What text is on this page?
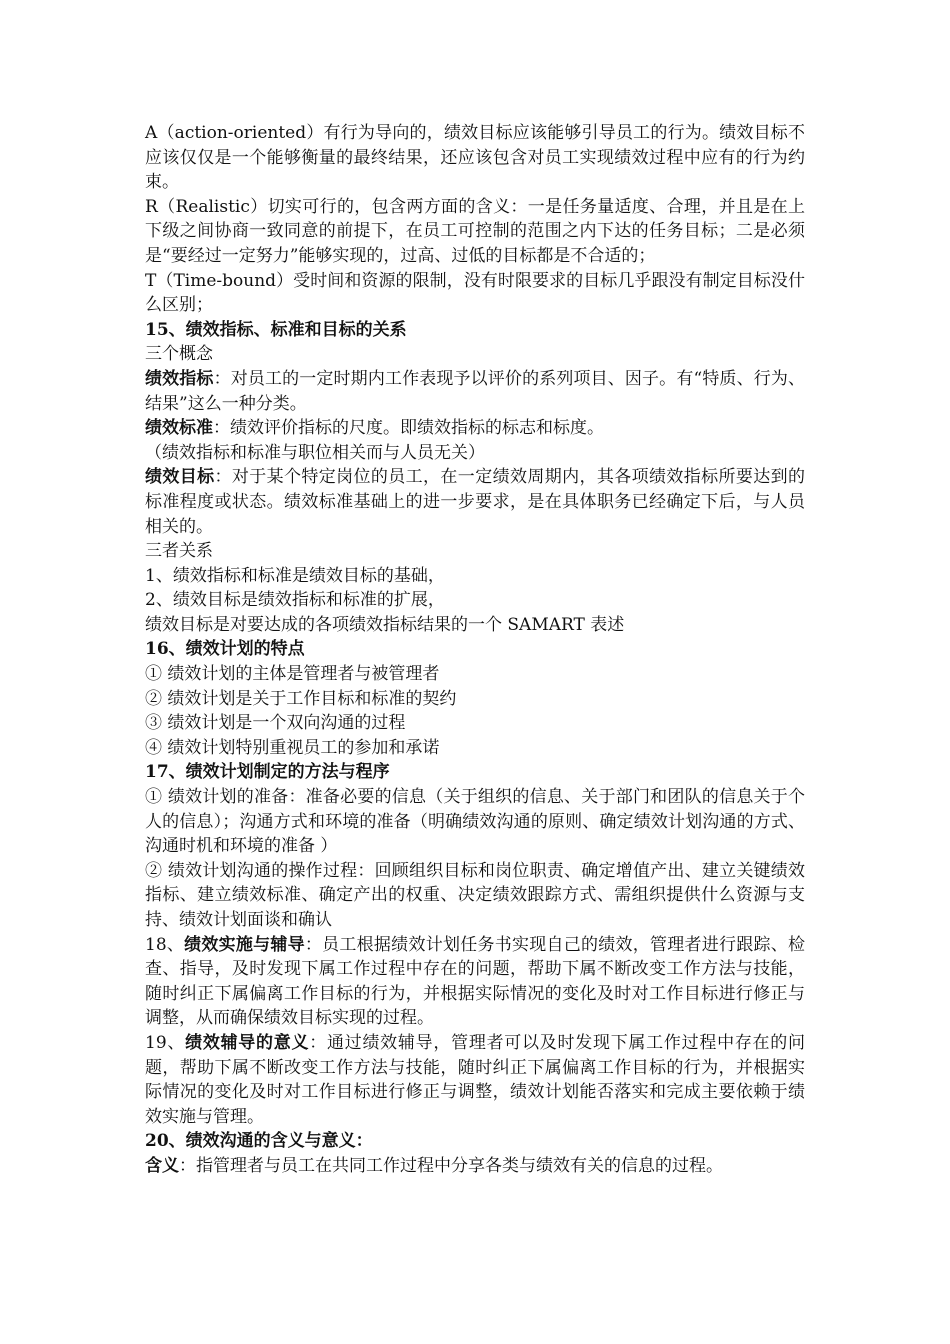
A（action-oriented）有行为导向的，绩效目标应该能够引导员工的行为。绩效目标不应该仅仅是一个能够衡量的最终结果，还应该包含对员工实现绩效过程中应有的行为约束。

R（Realistic）切实可行的，包含两方面的含义：一是任务量适度、合理，并且是在上下级之间协商一致同意的前提下，在员工可控制的范围之内下达的任务目标；二是必须是“要经过一定努力”能够实现的，过高、过低的目标都是不合适的；

T（Time-bound）受时间和资源的限制，没有时限要求的目标几乎跟没有制定目标没什么区别；

15、绩效指标、标准和目标的关系

三个概念

绩效指标：对员工的一定时期内工作表现予以评价的系列项目、因子。有“特质、行为、结果”这么一种分类。

绩效标准：绩效评价指标的尺度。即绩效指标的标志和标度。

（绩效指标和标准与职位相关而与人员无关）

绩效目标：对于某个特定岗位的员工，在一定绩效周期内，其各项绩效指标所要达到的标准程度或状态。绩效标准基础上的进一步要求，是在具体职务已经确定下后，与人员相关的。

三者关系

1、绩效指标和标准是绩效目标的基础，

2、绩效目标是绩效指标和标准的扩展，

绩效目标是对要达成的各项绩效指标结果的一个 SAMART 表述

16、绩效计划的特点

① 绩效计划的主体是管理者与被管理者

② 绩效计划是关于工作目标和标准的契约

③ 绩效计划是一个双向沟通的过程

④ 绩效计划特别重视员工的参加和承诺

17、绩效计划制定的方法与程序

① 绩效计划的准备：准备必要的信息（关于组织的信息、关于部门和团队的信息关于个人的信息）；沟通方式和环境的准备（明确绩效沟通的原则、确定绩效计划沟通的方式、沟通时机和环境的准备 ）

② 绩效计划沟通的操作过程：回顾组织目标和岗位职责、确定增值产出、建立关键绩效指标、建立绩效标准、确定产出的权重、决定绩效跟踪方式、需组织提供什么资源与支持、绩效计划面谈和确认

18、绩效实施与辅导：员工根据绩效计划任务书实现自己的绩效，管理者进行跟踪、检查、指导，及时发现下属工作过程中存在的问题，帮助下属不断改变工作方法与技能，随时纠正下属偏离工作目标的行为，并根据实际情况的变化及时对工作目标进行修正与调整，从而确保绩效目标实现的过程。

19、绩效辅导的意义：通过绩效辅导，管理者可以及时发现下属工作过程中存在的问题，帮助下属不断改变工作方法与技能，随时纠正下属偏离工作目标的行为，并根据实际情况的变化及时对工作目标进行修正与调整，绩效计划能否落实和完成主要依赖于绩效实施与管理。

20、绩效沟通的含义与意义：

含义：指管理者与员工在共同工作过程中分享各类与绩效有关的信息的过程。
